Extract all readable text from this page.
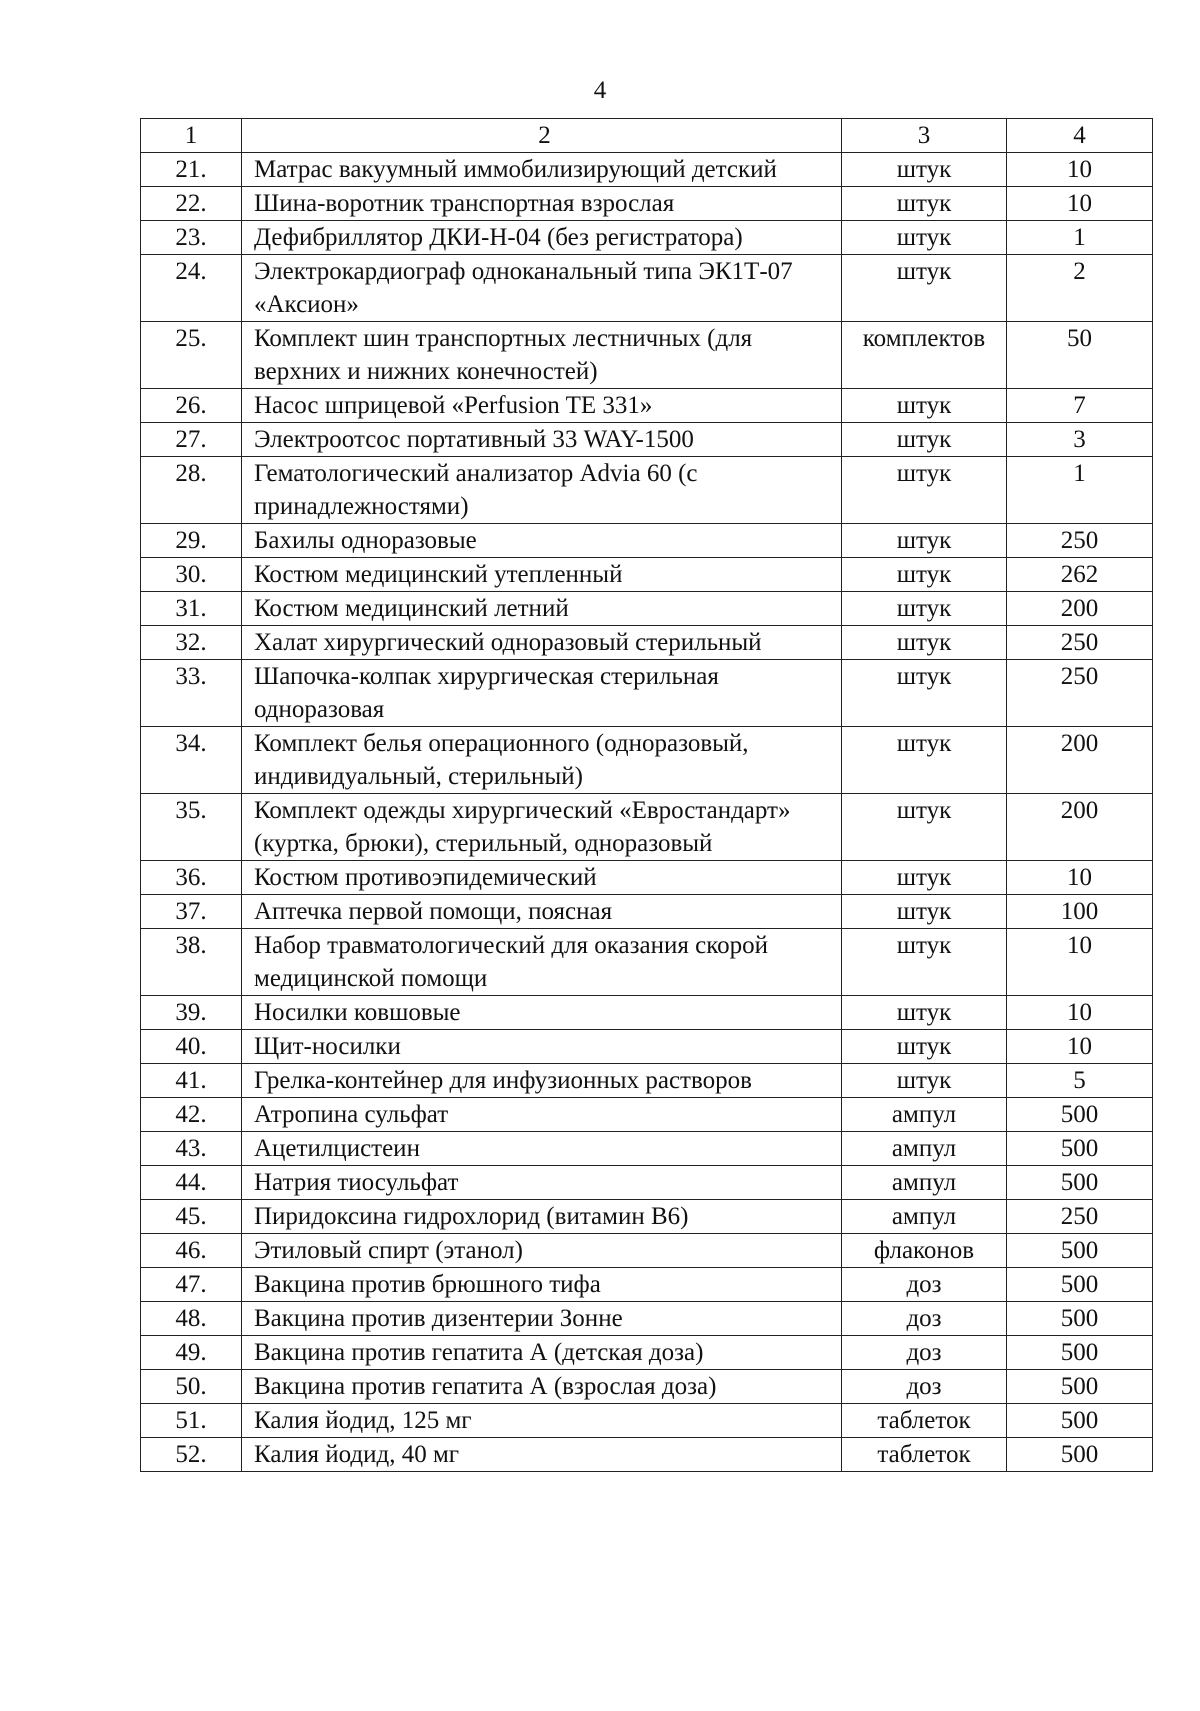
4
1	2	3	4
21.	Матрас вакуумный иммобилизирующий детский	штук	10
22.	Шина-воротник транспортная взрослая	штук	10
23.	Дефибриллятор ДКИ-Н-04 (без регистратора)	штук	1
24.	Электрокардиограф одноканальный типа ЭК1Т-07 «Аксион»	штук	2
25.	Комплект шин транспортных лестничных (для верхних и нижних конечностей)	комплектов	50
26.	Насос шприцевой «Perfusion TE 331»	штук	7
27.	Электроотсос портативный 33 WAY-1500	штук	3
28.	Гематологический анализатор Advia 60 (с принадлежностями)	штук	1
29.	Бахилы одноразовые	штук	250
30.	Костюм медицинский утепленный	штук	262
31.	Костюм медицинский летний	штук	200
32.	Халат хирургический одноразовый стерильный	штук	250
33.	Шапочка-колпак хирургическая стерильная одноразовая	штук	250
34.	Комплект белья операционного (одноразовый, индивидуальный, стерильный)	штук	200
35.	Комплект одежды хирургический «Евростандарт» (куртка, брюки), стерильный, одноразовый	штук	200
36.	Костюм противоэпидемический	штук	10
37.	Аптечка первой помощи, поясная	штук	100
38.	Набор травматологический для оказания скорой медицинской помощи	штук	10
39.	Носилки ковшовые	штук	10
40.	Щит-носилки	штук	10
41.	Грелка-контейнер для инфузионных растворов	штук	5
42.	Атропина сульфат	ампул	500
43.	Ацетилцистеин	ампул	500
44.	Натрия тиосульфат	ампул	500
45.	Пиридоксина гидрохлорид (витамин В6)	ампул	250
46.	Этиловый спирт (этанол)	флаконов	500
47.	Вакцина против брюшного тифа	доз	500
48.	Вакцина против дизентерии Зонне	доз	500
49.	Вакцина против гепатита А (детская доза)	доз	500
50.	Вакцина против гепатита А (взрослая доза)	доз	500
51.	Калия йодид, 125 мг	таблеток	500
52.	Калия йодид, 40 мг	таблеток	500
